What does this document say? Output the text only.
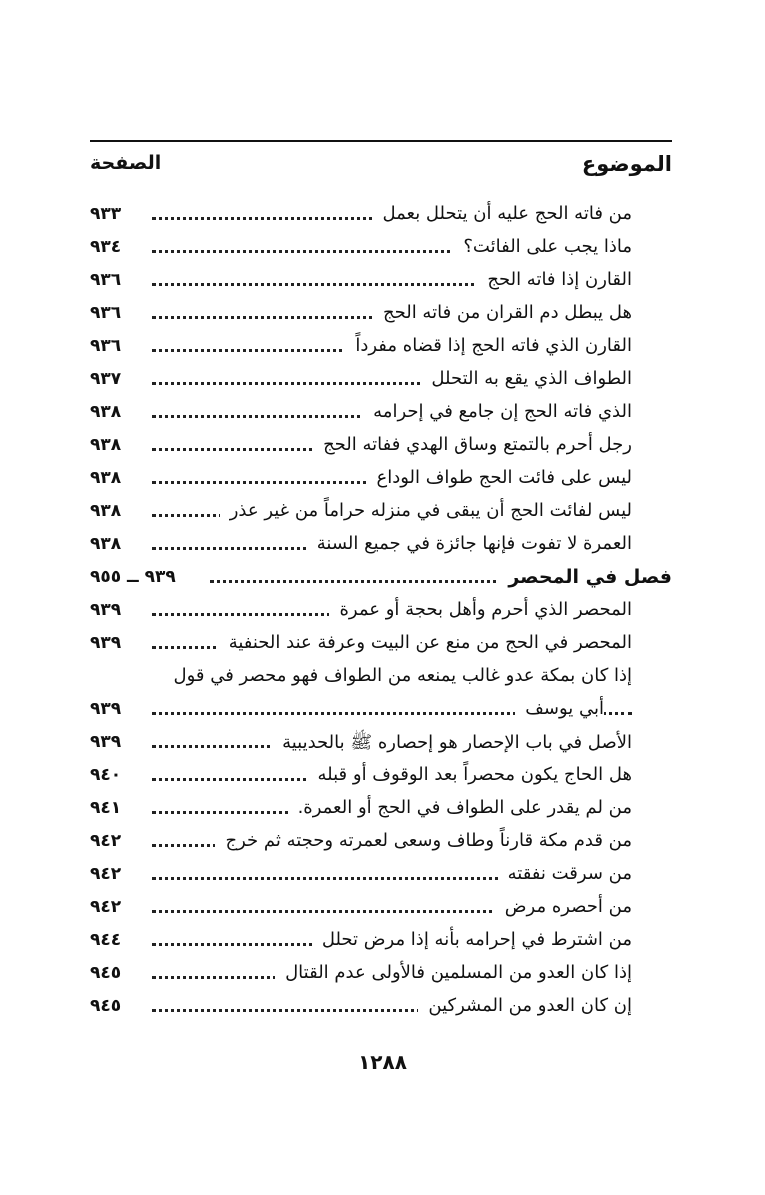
الموضوع
الصفحة
من فاته الحج عليه أن يتحلل بعمل
٩٣٣
ماذا يجب على الفائت؟
٩٣٤
القارن إذا فاته الحج
٩٣٦
هل يبطل دم القران من فاته الحج
٩٣٦
القارن الذي فاته الحج إذا قضاه مفرداً
٩٣٦
الطواف الذي يقع به التحلل
٩٣٧
الذي فاته الحج إن جامع في إحرامه
٩٣٨
رجل أحرم بالتمتع وساق الهدي ففاته الحج
٩٣٨
ليس على فائت الحج طواف الوداع
٩٣٨
ليس لفائت الحج أن يبقى في منزله حراماً من غير عذر
٩٣٨
العمرة لا تفوت فإنها جائزة في جميع السنة
٩٣٨
فصل في المحصر
٩٣٩ ــ ٩٥٥
المحصر الذي أحرم وأهل بحجة أو عمرة
٩٣٩
المحصر في الحج من منع عن البيت وعرفة عند الحنفية
٩٣٩
إذا كان بمكة عدو غالب يمنعه من الطواف فهو محصر في قول
أبي يوسف
٩٣٩
الأصل في باب الإحصار هو إحصاره ﷺ بالحديبية
٩٣٩
هل الحاج يكون محصراً بعد الوقوف أو قبله
٩٤٠
من لم يقدر على الطواف في الحج أو العمرة.
٩٤١
من قدم مكة قارناً وطاف وسعى لعمرته وحجته ثم خرج
٩٤٢
من سرقت نفقته
٩٤٢
من أحصره مرض
٩٤٢
من اشترط في إحرامه بأنه إذا مرض تحلل
٩٤٤
إذا كان العدو من المسلمين فالأولى عدم القتال
٩٤٥
إن كان العدو من المشركين
٩٤٥
١٢٨٨
